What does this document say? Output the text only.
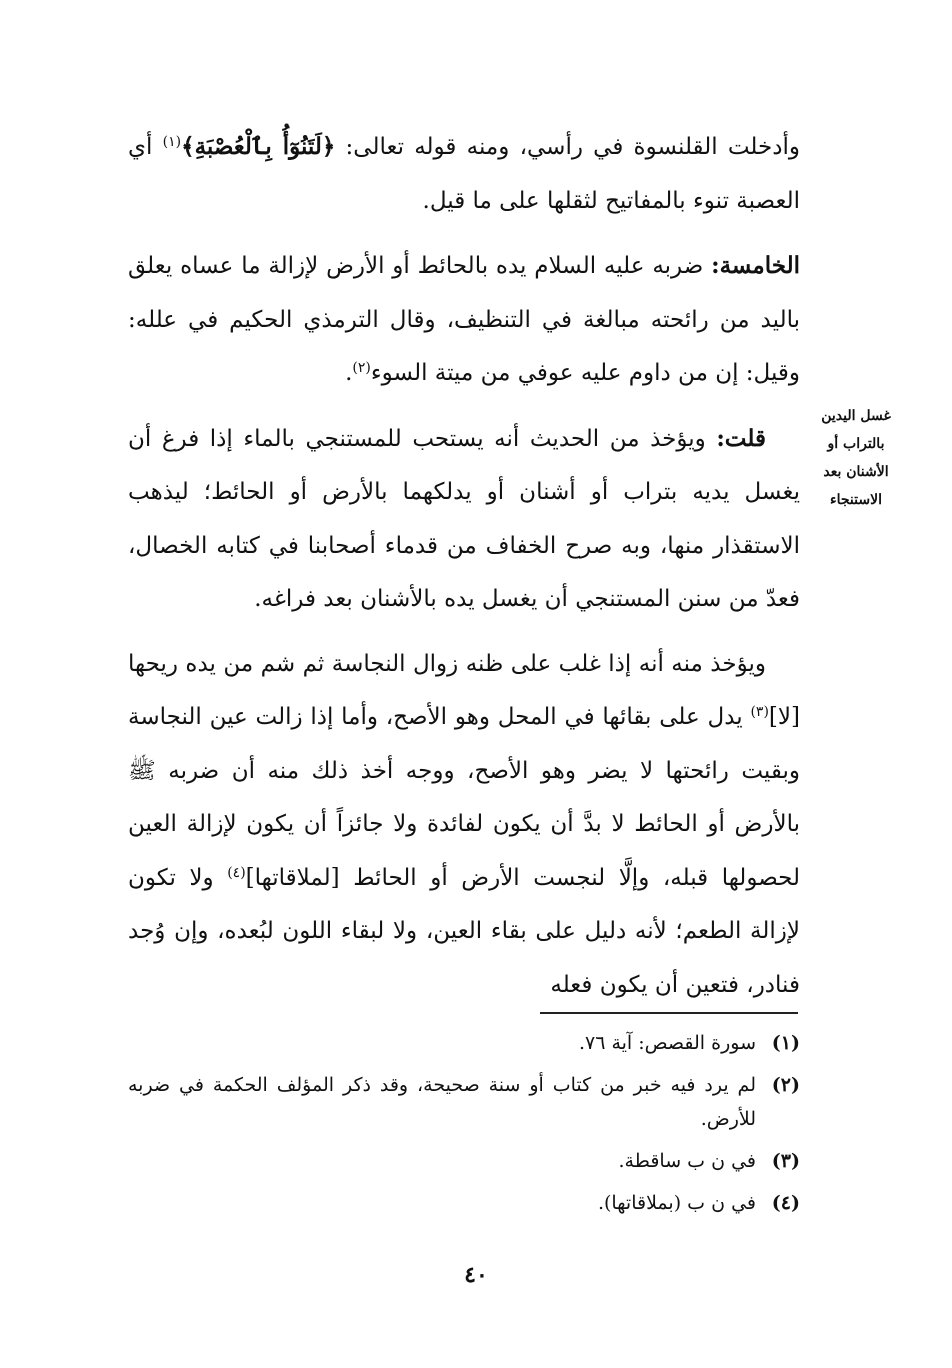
وأدخلت القلنسوة في رأسي، ومنه قوله تعالى: ﴿لَتَنُوٓأُ بِٱلْعُصْبَةِ﴾$^{(١)}$ أي العصبة تنوء بالمفاتيح لثقلها على ما قيل.

الخامسة: ضربه عليه السلام يده بالحائط أو الأرض لإزالة ما عساه يعلق باليد من رائحته مبالغة في التنظيف، وقال الترمذي الحكيم في علله: وقيل: إن من داوم عليه عوفي من ميتة السوء$^{(٢)}$.

قلت: ويؤخذ من الحديث أنه يستحب للمستنجي بالماء إذا فرغ أن يغسل يديه بتراب أو أشنان أو يدلكهما بالأرض أو الحائط؛ ليذهب الاستقذار منها، وبه صرح الخفاف من قدماء أصحابنا في كتابه الخصال، فعدّ من سنن المستنجي أن يغسل يده بالأشنان بعد فراغه.

ويؤخذ منه أنه إذا غلب على ظنه زوال النجاسة ثم شم من يده ريحها [لا]$^{(٣)}$ يدل على بقائها في المحل وهو الأصح، وأما إذا زالت عين النجاسة وبقيت رائحتها لا يضر وهو الأصح، ووجه أخذ ذلك منه أن ضربه ﷺ بالأرض أو الحائط لا بدَّ أن يكون لفائدة ولا جائزاً أن يكون لإزالة العين لحصولها قبله، وإلَّا لنجست الأرض أو الحائط [لملاقاتها]$^{(٤)}$ ولا تكون لإزالة الطعم؛ لأنه دليل على بقاء العين، ولا لبقاء اللون لبُعده، وإن وُجد فنادر، فتعين أن يكون فعله

غسل اليدين
بالتراب أو
الأشنان بعد
الاستنجاء
(١)
سورة القصص: آية ٧٦.
(٢)
لم يرد فيه خبر من كتاب أو سنة صحيحة، وقد ذكر المؤلف الحكمة في ضربه للأرض.
(٣)
في ن ب ساقطة.
(٤)
في ن ب (بملاقاتها).
٤٠
